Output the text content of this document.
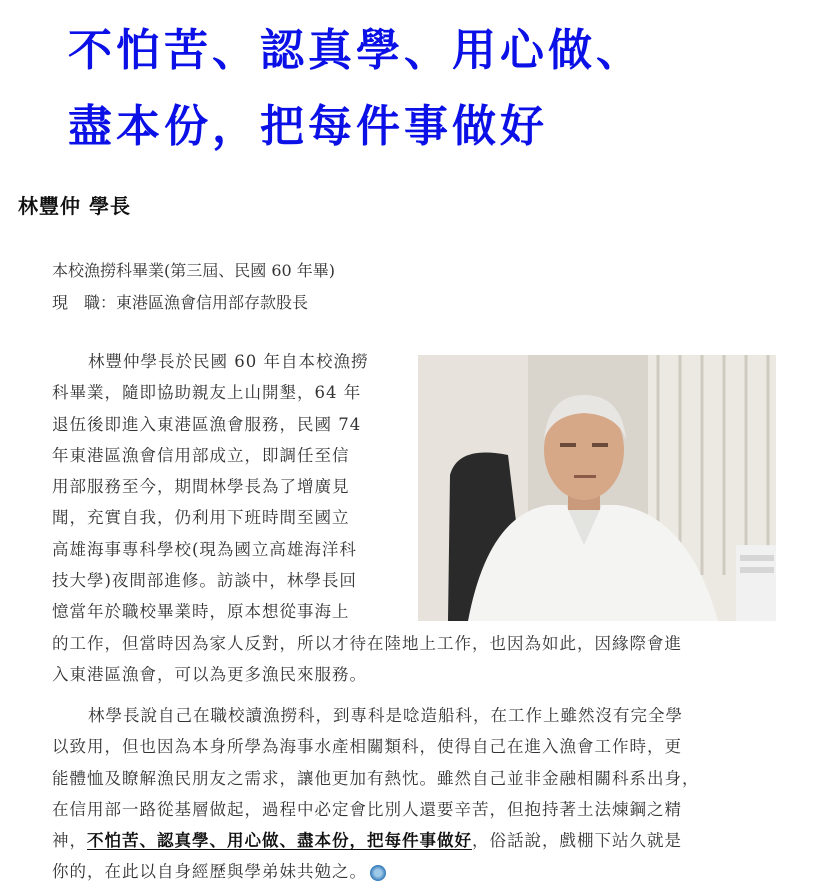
不怕苦、認真學、用心做、
盡本份，把每件事做好
林豐仲 學長
本校漁撈科畢業(第三屆、民國 60 年畢)
現　職：東港區漁會信用部存款股長
林豐仲學長於民國 60 年自本校漁撈
科畢業，隨即協助親友上山開墾，64 年
退伍後即進入東港區漁會服務，民國 74
年東港區漁會信用部成立，即調任至信
用部服務至今，期間林學長為了增廣見
聞，充實自我，仍利用下班時間至國立
高雄海事專科學校(現為國立高雄海洋科
技大學)夜間部進修。訪談中，林學長回
憶當年於職校畢業時，原本想從事海上
的工作，但當時因為家人反對，所以才待在陸地上工作，也因為如此，因緣際會進
入東港區漁會，可以為更多漁民來服務。
林學長說自己在職校讀漁撈科，到專科是唸造船科，在工作上雖然沒有完全學
以致用，但也因為本身所學為海事水產相關類科，使得自己在進入漁會工作時，更
能體恤及瞭解漁民朋友之需求，讓他更加有熱忱。雖然自己並非金融相關科系出身，
在信用部一路從基層做起，過程中必定會比別人還要辛苦，但抱持著土法煉鋼之精
神，不怕苦、認真學、用心做、盡本份，把每件事做好，俗話說，戲棚下站久就是
你的，在此以自身經歷與學弟妹共勉之。
